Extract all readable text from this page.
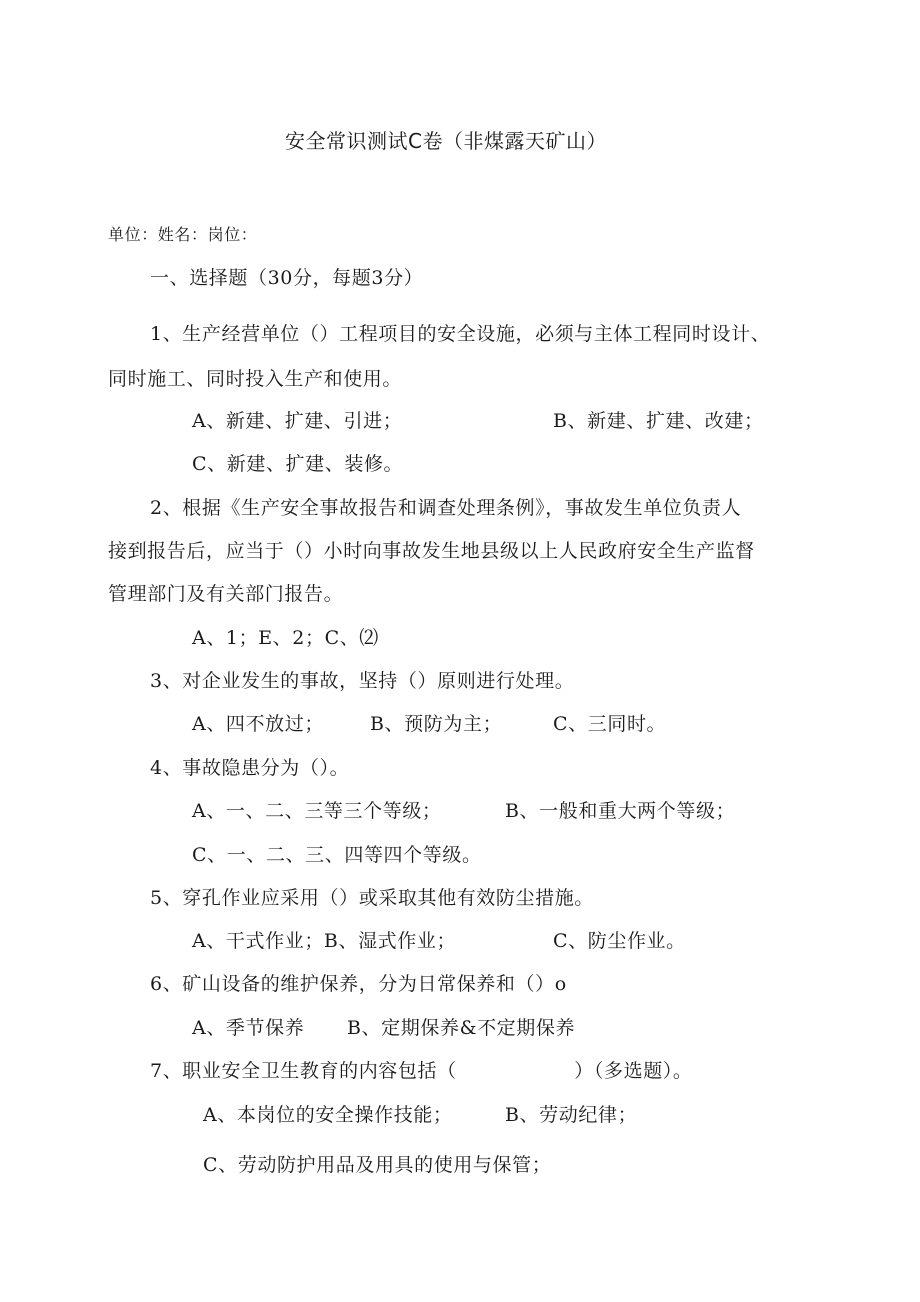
安全常识测试C卷（非煤露天矿山）
单位：姓名：岗位：
一、选择题（30分，每题3分）
1、生产经营单位（）工程项目的安全设施，必须与主体工程同时设计、
同时施工、同时投入生产和使用。
A、新建、扩建、引进；	B、新建、扩建、改建；
C、新建、扩建、装修。
2、根据《生产安全事故报告和调查处理条例》，事故发生单位负责人
接到报告后，应当于（）小时向事故发生地县级以上人民政府安全生产监督
管理部门及有关部门报告。
A、1；E、2；C、⑵
3、对企业发生的事故，坚持（）原则进行处理。
A、四不放过； B、预防为主；	C、三同时。
4、事故隐患分为（）。
A、一、二、三等三个等级；	B、一般和重大两个等级；
C、一、二、三、四等四个等级。
5、穿孔作业应采用（）或采取其他有效防尘措施。
A、干式作业；B、湿式作业；	C、防尘作业。
6、矿山设备的维护保养，分为日常保养和（）o
A、季节保养 B、定期保养&不定期保养
7、职业安全卫生教育的内容包括（　　　　　　）（多选题）。
A、本岗位的安全操作技能；	B、劳动纪律；
C、劳动防护用品及用具的使用与保管；
